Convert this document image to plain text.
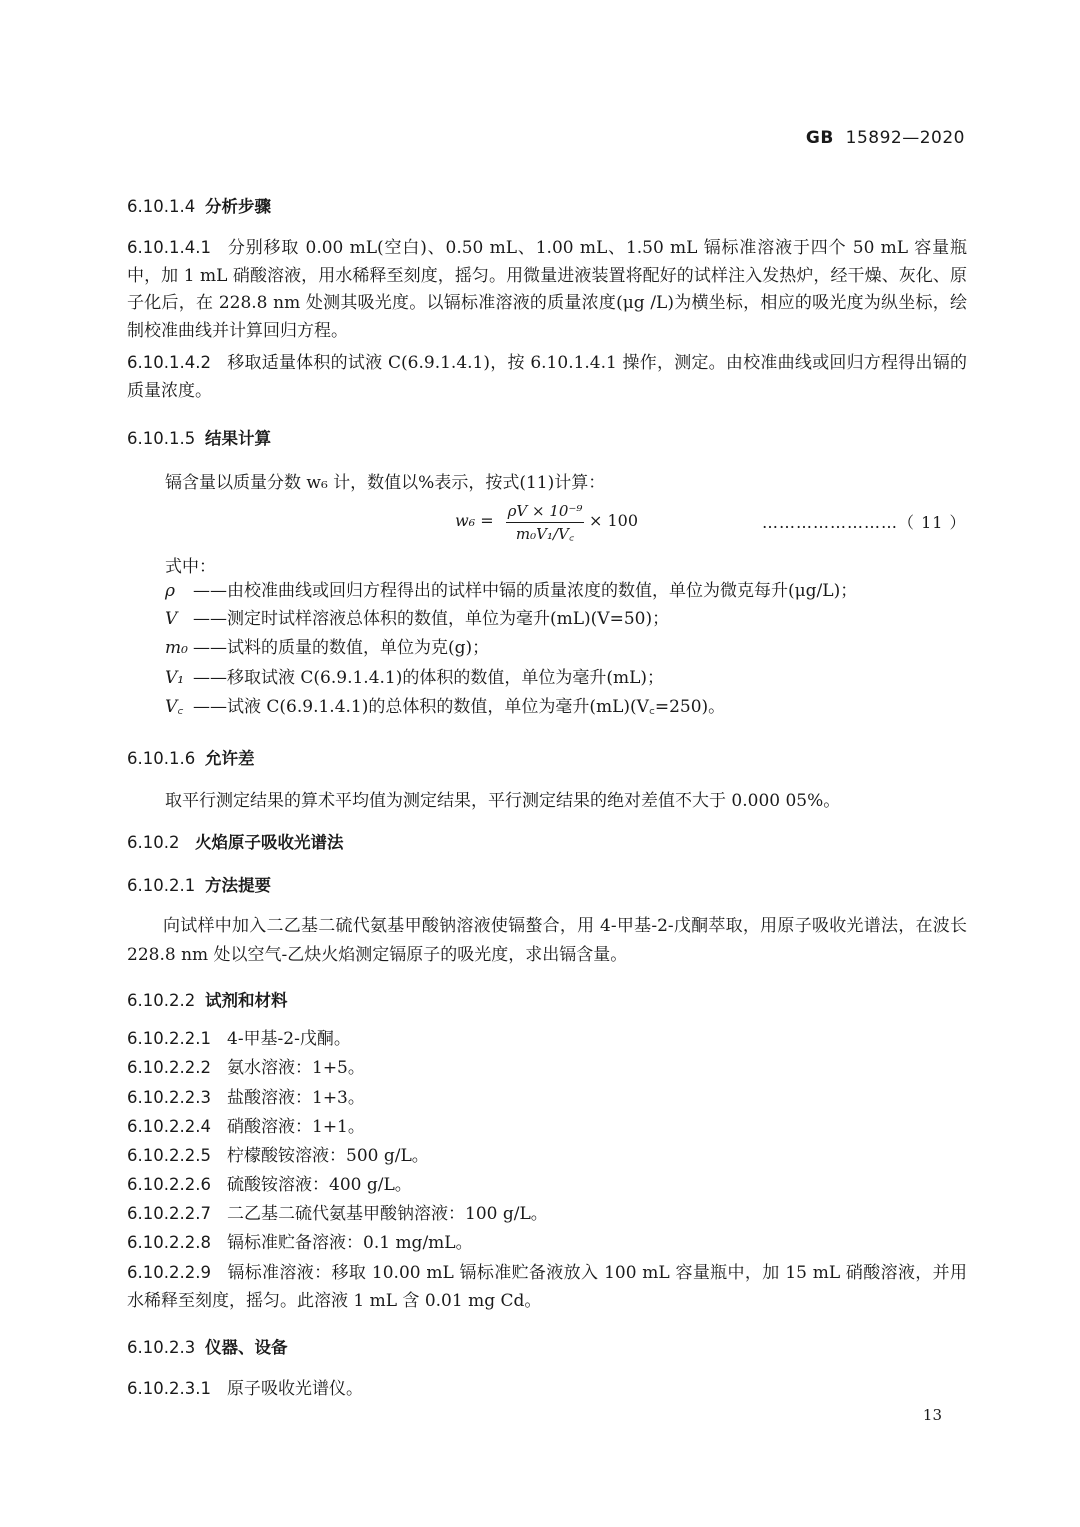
GB 15892—2020
6.10.1.4 分析步骤
6.10.1.4.1 分别移取 0.00 mL(空白)、0.50 mL、1.00 mL、1.50 mL 镉标准溶液于四个 50 mL 容量瓶中，加 1 mL 硝酸溶液，用水稀释至刻度，摇匀。用微量进液装置将配好的试样注入发热炉，经干燥、灰化、原子化后，在 228.8 nm 处测其吸光度。以镉标准溶液的质量浓度(μg /L)为横坐标，相应的吸光度为纵坐标，绘制校准曲线并计算回归方程。
6.10.1.4.2 移取适量体积的试液 C(6.9.1.4.1)，按 6.10.1.4.1 操作，测定。由校准曲线或回归方程得出镉的质量浓度。
6.10.1.5 结果计算
镉含量以质量分数 w₆ 计，数值以%表示，按式(11)计算：
w₆ = ρV × 10⁻⁹
m₀V₁/V꜀
× 100	……………………（ 11 ）
式中：
ρ ——由校准曲线或回归方程得出的试样中镉的质量浓度的数值，单位为微克每升(μg/L)；
V ——测定时试样溶液总体积的数值，单位为毫升(mL)(V=50)；
m₀ ——试料的质量的数值，单位为克(g)；
V₁ ——移取试液 C(6.9.1.4.1)的体积的数值，单位为毫升(mL)；
V꜀ ——试液 C(6.9.1.4.1)的总体积的数值，单位为毫升(mL)(V꜀=250)。
6.10.1.6 允许差
取平行测定结果的算术平均值为测定结果，平行测定结果的绝对差值不大于 0.000 05%。
6.10.2 火焰原子吸收光谱法
6.10.2.1 方法提要
向试样中加入二乙基二硫代氨基甲酸钠溶液使镉螯合，用 4-甲基-2-戊酮萃取，用原子吸收光谱法，在波长 228.8 nm 处以空气-乙炔火焰测定镉原子的吸光度，求出镉含量。
6.10.2.2 试剂和材料
6.10.2.2.1 4-甲基-2-戊酮。
6.10.2.2.2 氨水溶液：1+5。
6.10.2.2.3 盐酸溶液：1+3。
6.10.2.2.4 硝酸溶液：1+1。
6.10.2.2.5 柠檬酸铵溶液：500 g/L。
6.10.2.2.6 硫酸铵溶液：400 g/L。
6.10.2.2.7 二乙基二硫代氨基甲酸钠溶液：100 g/L。
6.10.2.2.8 镉标准贮备溶液：0.1 mg/mL。
6.10.2.2.9 镉标准溶液：移取 10.00 mL 镉标准贮备液放入 100 mL 容量瓶中，加 15 mL 硝酸溶液，并用水稀释至刻度，摇匀。此溶液 1 mL 含 0.01 mg Cd。
6.10.2.3 仪器、设备
6.10.2.3.1 原子吸收光谱仪。
13
